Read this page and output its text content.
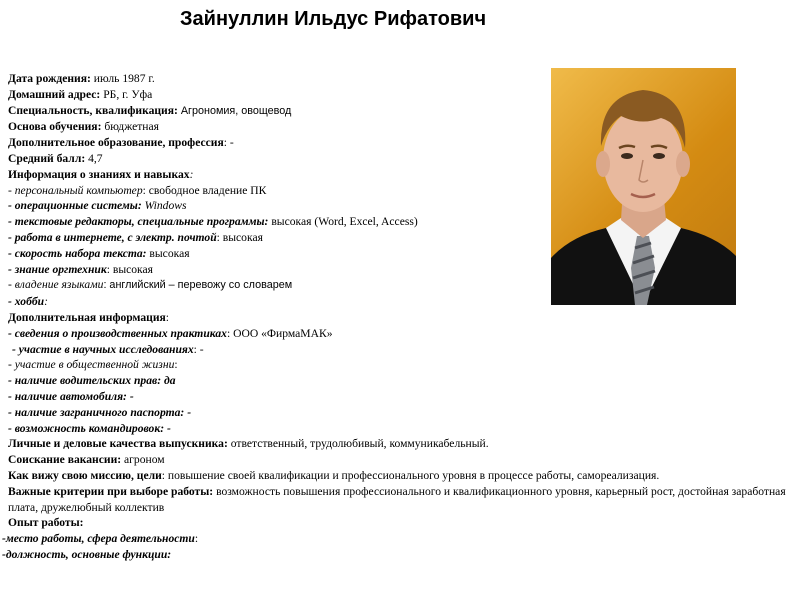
Зайнуллин Ильдус Рифатович
Дата рождения: июль 1987 г.
Домашний адрес: РБ, г. Уфа
Специальность, квалификация: Агрономия, овощевод
Основа обучения: бюджетная
Дополнительное образование, профессия: -
Средний балл: 4,7
Информация о знаниях и навыках:
- персональный компьютер: свободное владение ПК
- операционные системы: Windows
- текстовые редакторы, специальные программы: высокая (Word, Excel, Access)
- работа в интернете, с электр. почтой: высокая
- скорость набора текста: высокая
- знание оргтехник: высокая
- владение языками: английский – перевожу со словарем
- хобби:
Дополнительная информация:
- сведения о производственных практиках: ООО «ФирмаМАК»
- участие в научных исследованиях: -
- участие в общественной жизни:
- наличие водительских прав: да
- наличие автомобиля: -
- наличие заграничного паспорта: -
- возможность командировок: -
Личные и деловые качества выпускника: ответственный, трудолюбивый, коммуникабельный.
Соискание вакансии: агроном
Как вижу свою миссию, цели: повышение своей квалификации и профессионального уровня в процессе работы, самореализация.
Важные критерии при выборе работы: возможность повышения профессионального и квалификационного уровня, карьерный рост, достойная заработная плата, дружелюбный коллектив
Опыт работы:
-место работы, сфера деятельности:
-должность, основные функции:
